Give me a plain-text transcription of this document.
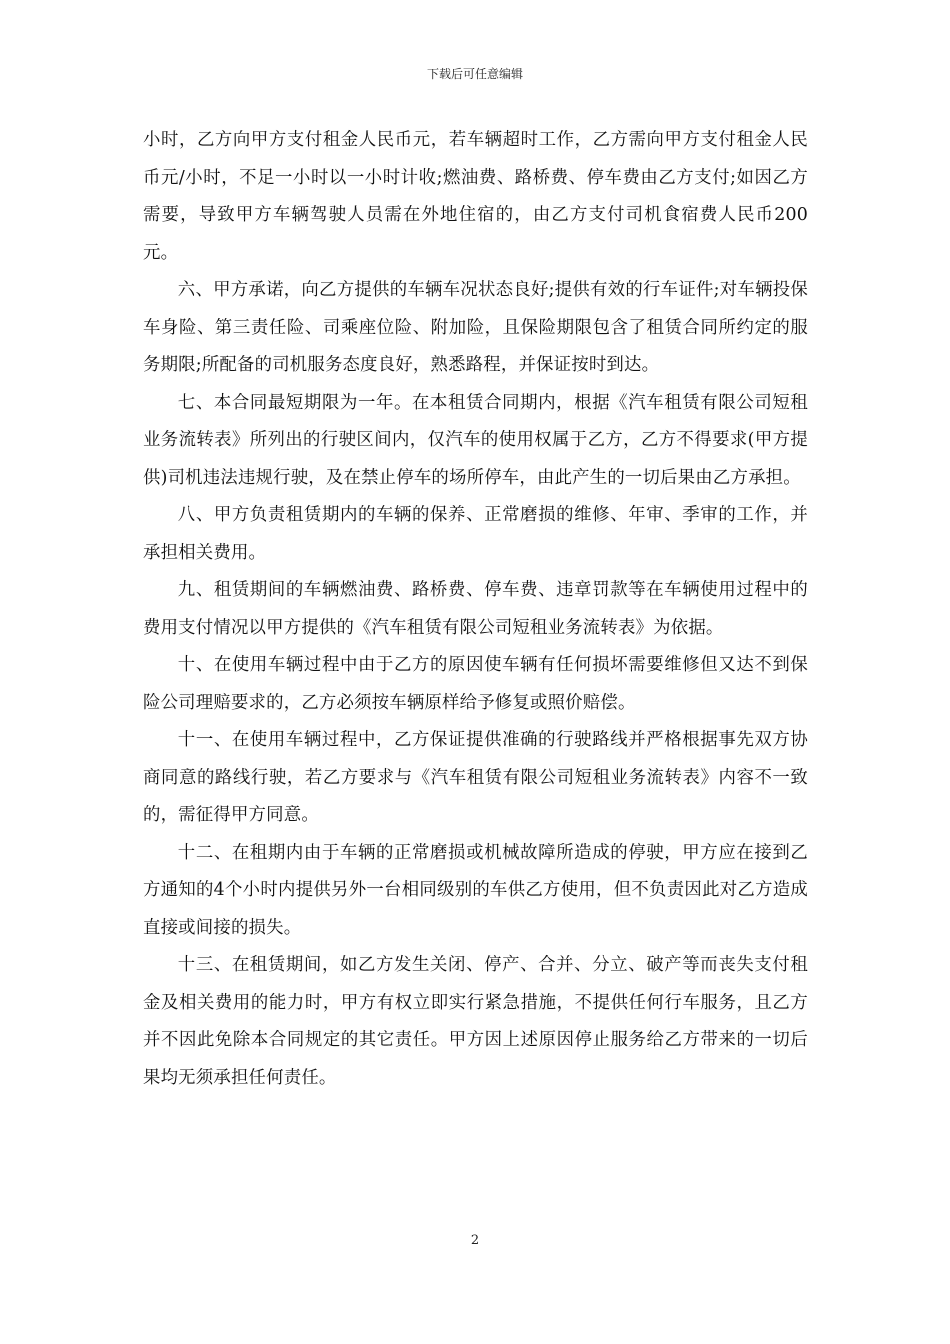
下载后可任意编辑

小时，乙方向甲方支付租金人民币元，若车辆超时工作，乙方需向甲方支付租金人民币元/小时，不足一小时以一小时计收;燃油费、路桥费、停车费由乙方支付;如因乙方需要，导致甲方车辆驾驶人员需在外地住宿的，由乙方支付司机食宿费人民币200元。

六、甲方承诺，向乙方提供的车辆车况状态良好;提供有效的行车证件;对车辆投保车身险、第三责任险、司乘座位险、附加险，且保险期限包含了租赁合同所约定的服务期限;所配备的司机服务态度良好，熟悉路程，并保证按时到达。

七、本合同最短期限为一年。在本租赁合同期内，根据《汽车租赁有限公司短租业务流转表》所列出的行驶区间内，仅汽车的使用权属于乙方，乙方不得要求(甲方提供)司机违法违规行驶，及在禁止停车的场所停车，由此产生的一切后果由乙方承担。

八、甲方负责租赁期内的车辆的保养、正常磨损的维修、年审、季审的工作，并承担相关费用。

九、租赁期间的车辆燃油费、路桥费、停车费、违章罚款等在车辆使用过程中的费用支付情况以甲方提供的《汽车租赁有限公司短租业务流转表》为依据。

十、在使用车辆过程中由于乙方的原因使车辆有任何损坏需要维修但又达不到保险公司理赔要求的，乙方必须按车辆原样给予修复或照价赔偿。

十一、在使用车辆过程中，乙方保证提供准确的行驶路线并严格根据事先双方协商同意的路线行驶，若乙方要求与《汽车租赁有限公司短租业务流转表》内容不一致的，需征得甲方同意。

十二、在租期内由于车辆的正常磨损或机械故障所造成的停驶，甲方应在接到乙方通知的4个小时内提供另外一台相同级别的车供乙方使用，但不负责因此对乙方造成直接或间接的损失。

十三、在租赁期间，如乙方发生关闭、停产、合并、分立、破产等而丧失支付租金及相关费用的能力时，甲方有权立即实行紧急措施，不提供任何行车服务，且乙方并不因此免除本合同规定的其它责任。甲方因上述原因停止服务给乙方带来的一切后果均无须承担任何责任。

2
